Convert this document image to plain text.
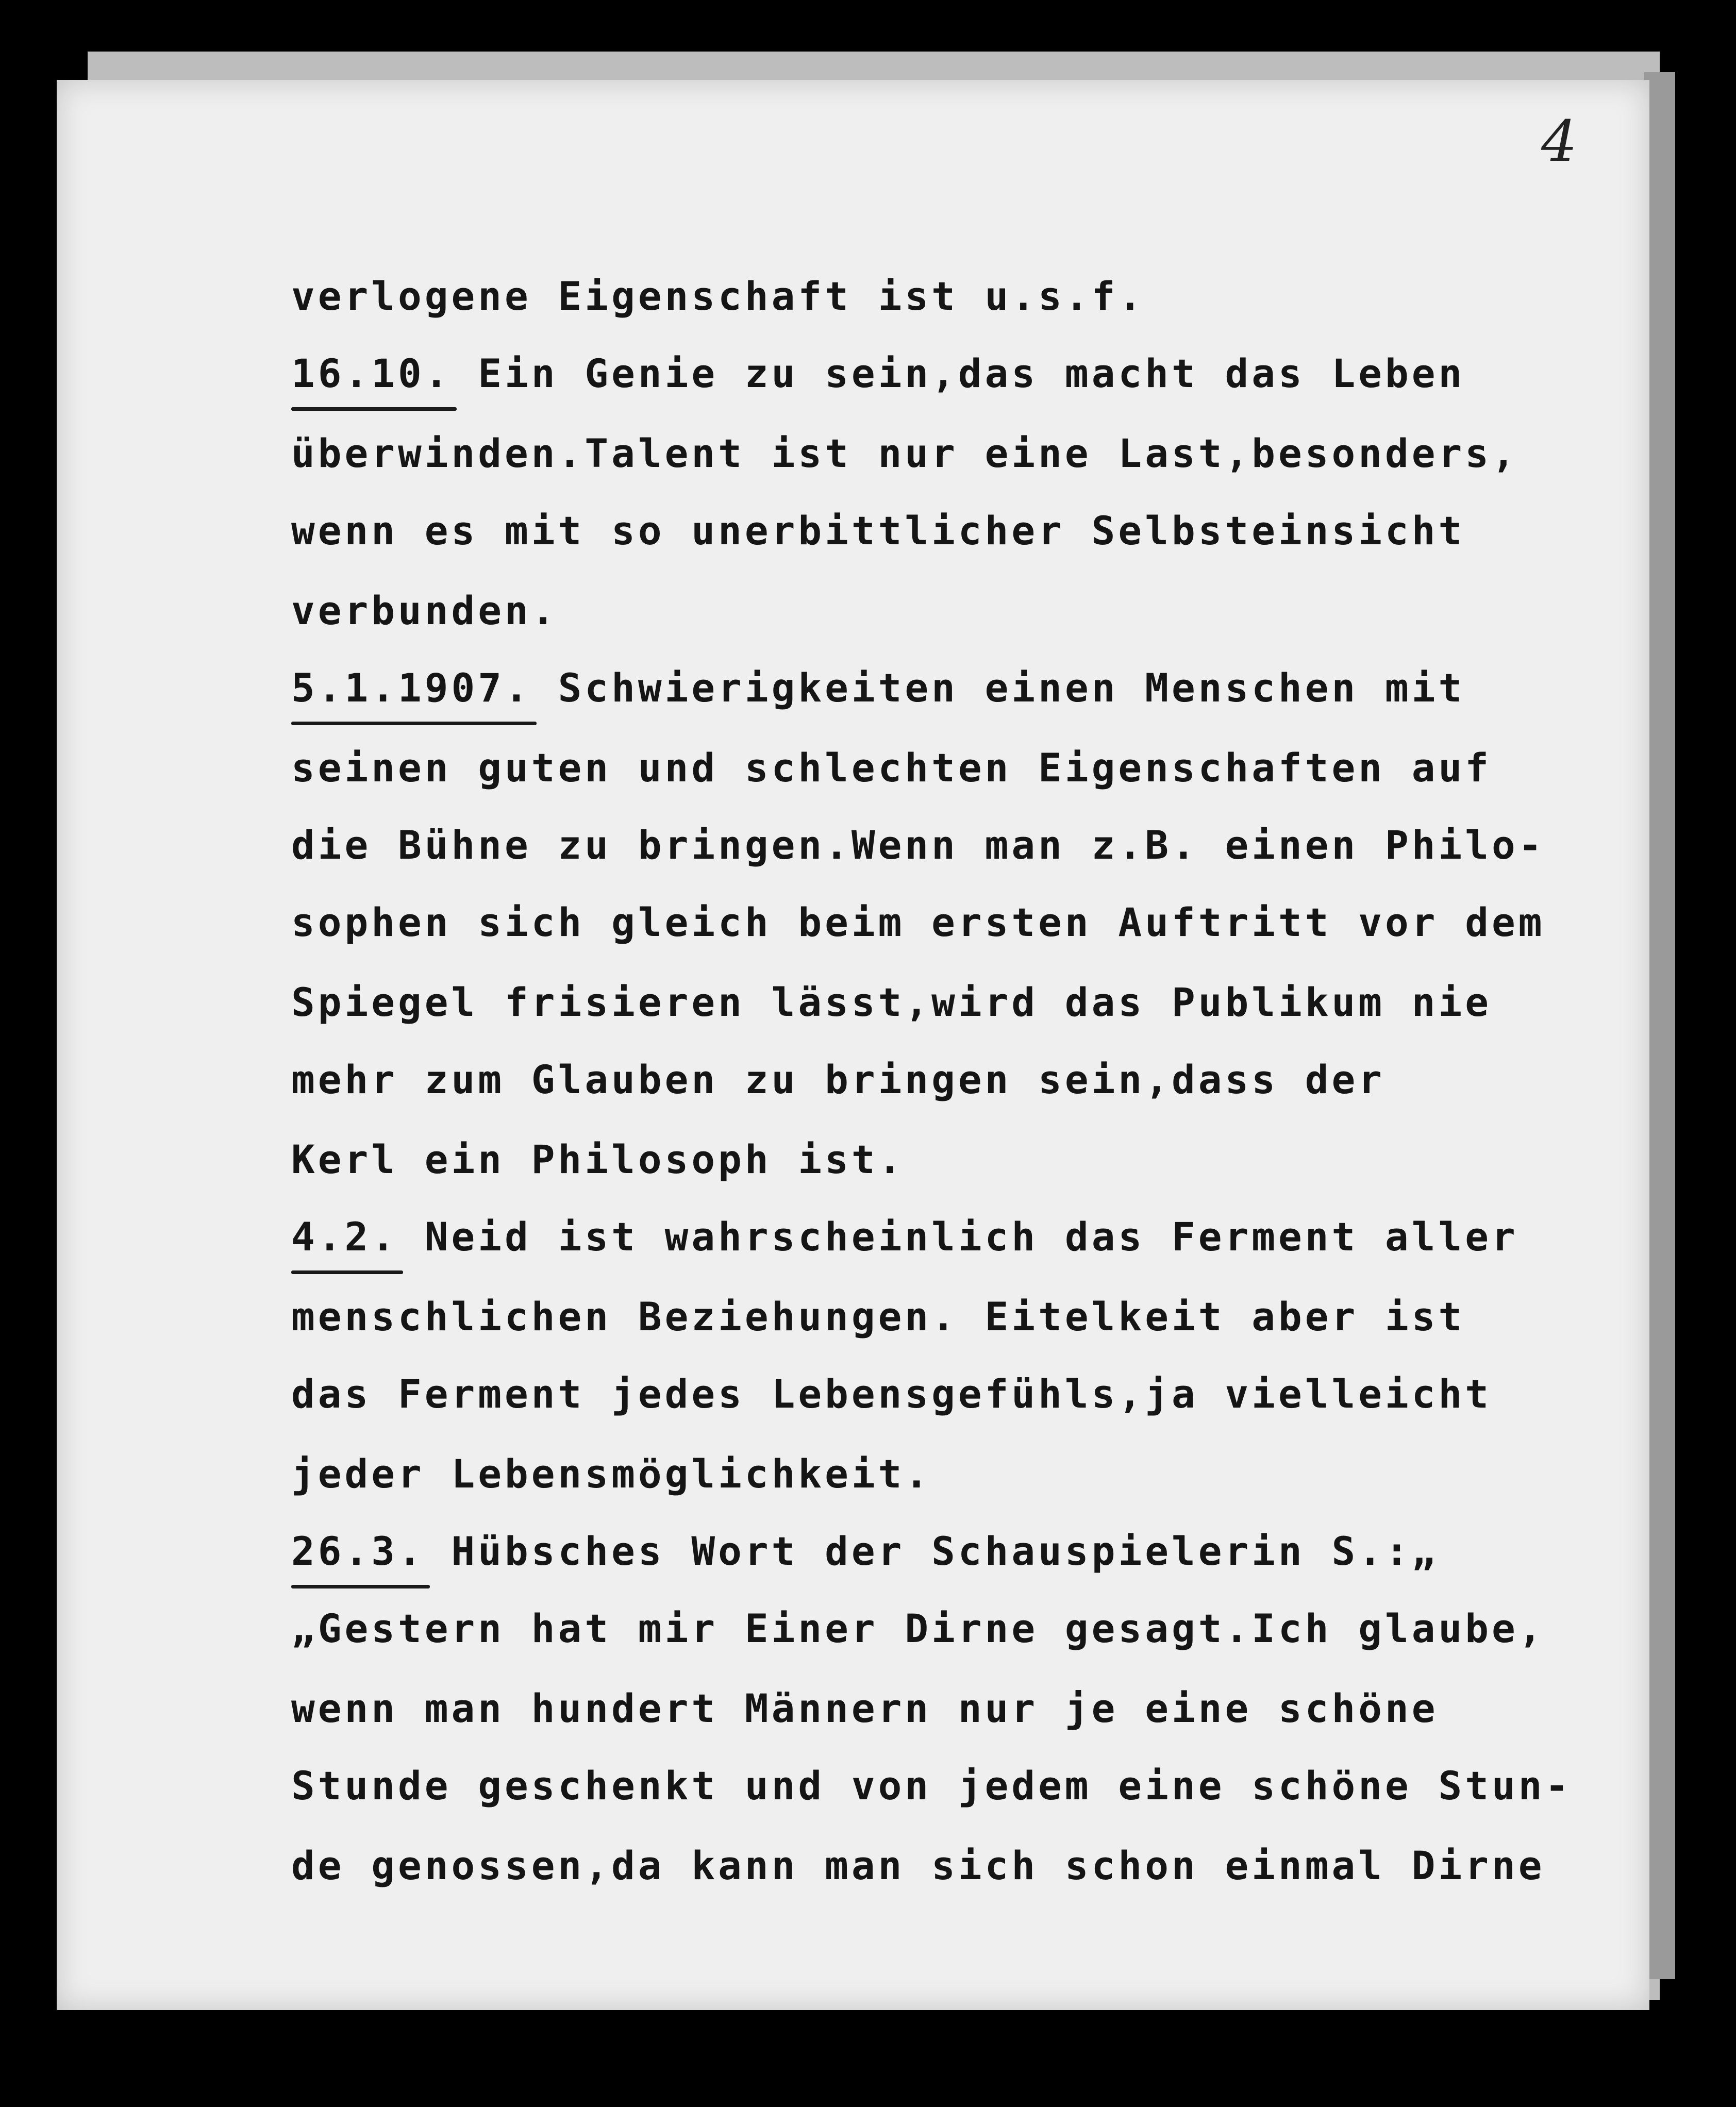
4
verlogene Eigenschaft ist u.s.f.
16.10. Ein Genie zu sein,das macht das Leben
überwinden.Talent ist nur eine Last,besonders,
wenn es mit so unerbittlicher Selbsteinsicht
verbunden.
5.1.1907. Schwierigkeiten einen Menschen mit
seinen guten und schlechten Eigenschaften auf
die Bühne zu bringen.Wenn man z.B. einen Philo-
sophen sich gleich beim ersten Auftritt vor dem
Spiegel frisieren lässt,wird das Publikum nie
mehr zum Glauben zu bringen sein,dass der
Kerl ein Philosoph ist.
4.2. Neid ist wahrscheinlich das Ferment aller
menschlichen Beziehungen. Eitelkeit aber ist
das Ferment jedes Lebensgefühls,ja vielleicht
jeder Lebensmöglichkeit.
26.3. Hübsches Wort der Schauspielerin S.:„
„Gestern hat mir Einer Dirne gesagt.Ich glaube,
wenn man hundert Männern nur je eine schöne
Stunde geschenkt und von jedem eine schöne Stun-
de genossen,da kann man sich schon einmal Dirne
